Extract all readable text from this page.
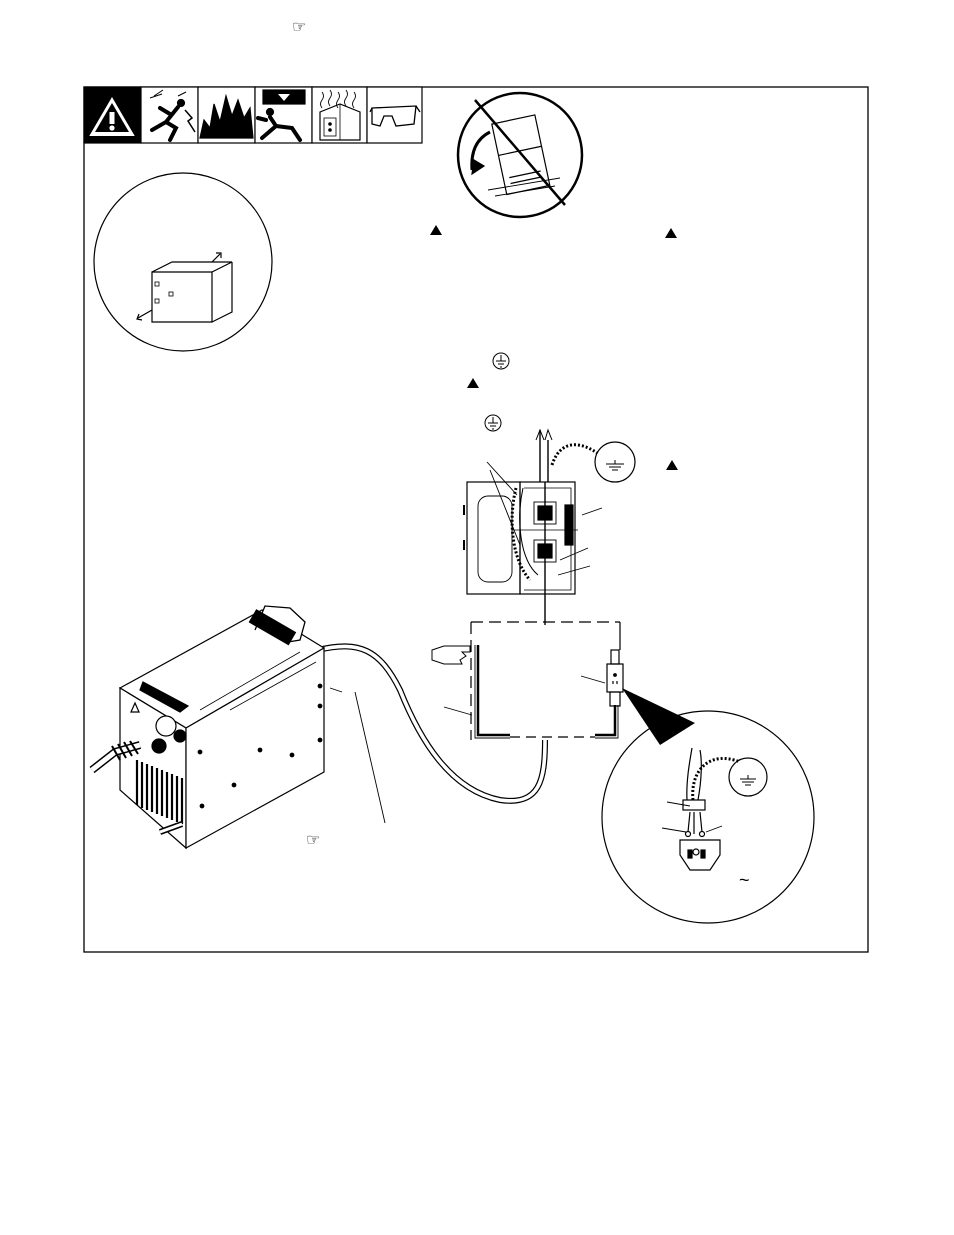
☞
~
☞
